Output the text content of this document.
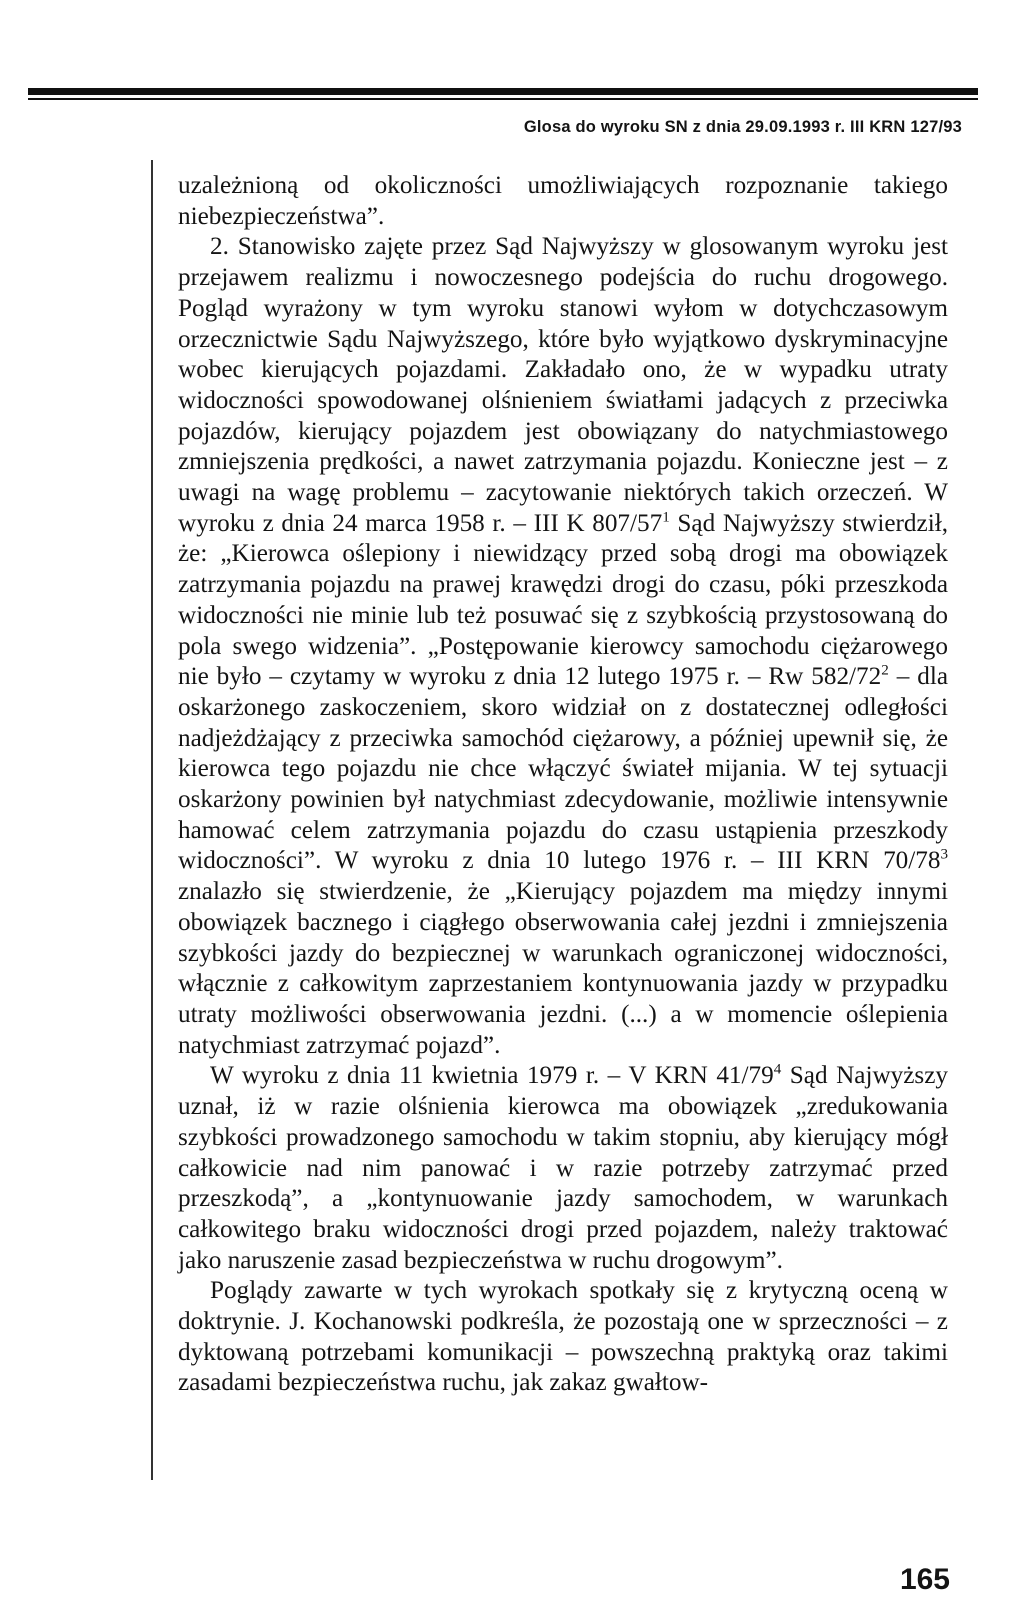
Glosa do wyroku SN z dnia 29.09.1993 r. III KRN 127/93

uzależnioną od okoliczności umożliwiających rozpoznanie takiego niebezpieczeństwa”.

2. Stanowisko zajęte przez Sąd Najwyższy w glosowanym wyroku jest przejawem realizmu i nowoczesnego podejścia do ruchu drogowego. Pogląd wyrażony w tym wyroku stanowi wyłom w dotychczasowym orzecznictwie Sądu Najwyższego, które było wyjątkowo dyskryminacyjne wobec kierujących pojazdami. Zakładało ono, że w wypadku utraty widoczności spowodowanej olśnieniem światłami jadących z przeciwka pojazdów, kierujący pojazdem jest obowiązany do natychmiastowego zmniejszenia prędkości, a nawet zatrzymania pojazdu. Konieczne jest – z uwagi na wagę problemu – zacytowanie niektórych takich orzeczeń. W wyroku z dnia 24 marca 1958 r. – III K $807/57^1$ Sąd Najwyższy stwierdził, że: „Kierowca oślepiony i niewidzący przed sobą drogi ma obowiązek zatrzymania pojazdu na prawej krawędzi drogi do czasu, póki przeszkoda widoczności nie minie lub też posuwać się z szybkością przystosowaną do pola swego widzenia”. „Postępowanie kierowcy samochodu ciężarowego nie było – czytamy w wyroku z dnia 12 lutego 1975 r. – Rw $582/72^2$ – dla oskarżonego zaskoczeniem, skoro widział on z dostatecznej odległości nadjeżdżający z przeciwka samochód ciężarowy, a później upewnił się, że kierowca tego pojazdu nie chce włączyć świateł mijania. W tej sytuacji oskarżony powinien był natychmiast zdecydowanie, możliwie intensywnie hamować celem zatrzymania pojazdu do czasu ustąpienia przeszkody widoczności”. W wyroku z dnia 10 lutego 1976 r. – III KRN $70/78^3$ znalazło się stwierdzenie, że „Kierujący pojazdem ma między innymi obowiązek bacznego i ciągłego obserwowania całej jezdni i zmniejszenia szybkości jazdy do bezpiecznej w warunkach ograniczonej widoczności, włącznie z całkowitym zaprzestaniem kontynuowania jazdy w przypadku utraty możliwości obserwowania jezdni. (...) a w momencie oślepienia natychmiast zatrzymać pojazd”.

W wyroku z dnia 11 kwietnia 1979 r. – V KRN $41/79^4$ Sąd Najwyższy uznał, iż w razie olśnienia kierowca ma obowiązek „zredukowania szybkości prowadzonego samochodu w takim stopniu, aby kierujący mógł całkowicie nad nim panować i w razie potrzeby zatrzymać przed przeszkodą”, a „kontynuowanie jazdy samochodem, w warunkach całkowitego braku widoczności drogi przed pojazdem, należy traktować jako naruszenie zasad bezpieczeństwa w ruchu drogowym”.

Poglądy zawarte w tych wyrokach spotkały się z krytyczną oceną w doktrynie. J. Kochanowski podkreśla, że pozostają one w sprzeczności – z dyktowaną potrzebami komunikacji – powszechną praktyką oraz takimi zasadami bezpieczeństwa ruchu, jak zakaz gwałtow-

165
